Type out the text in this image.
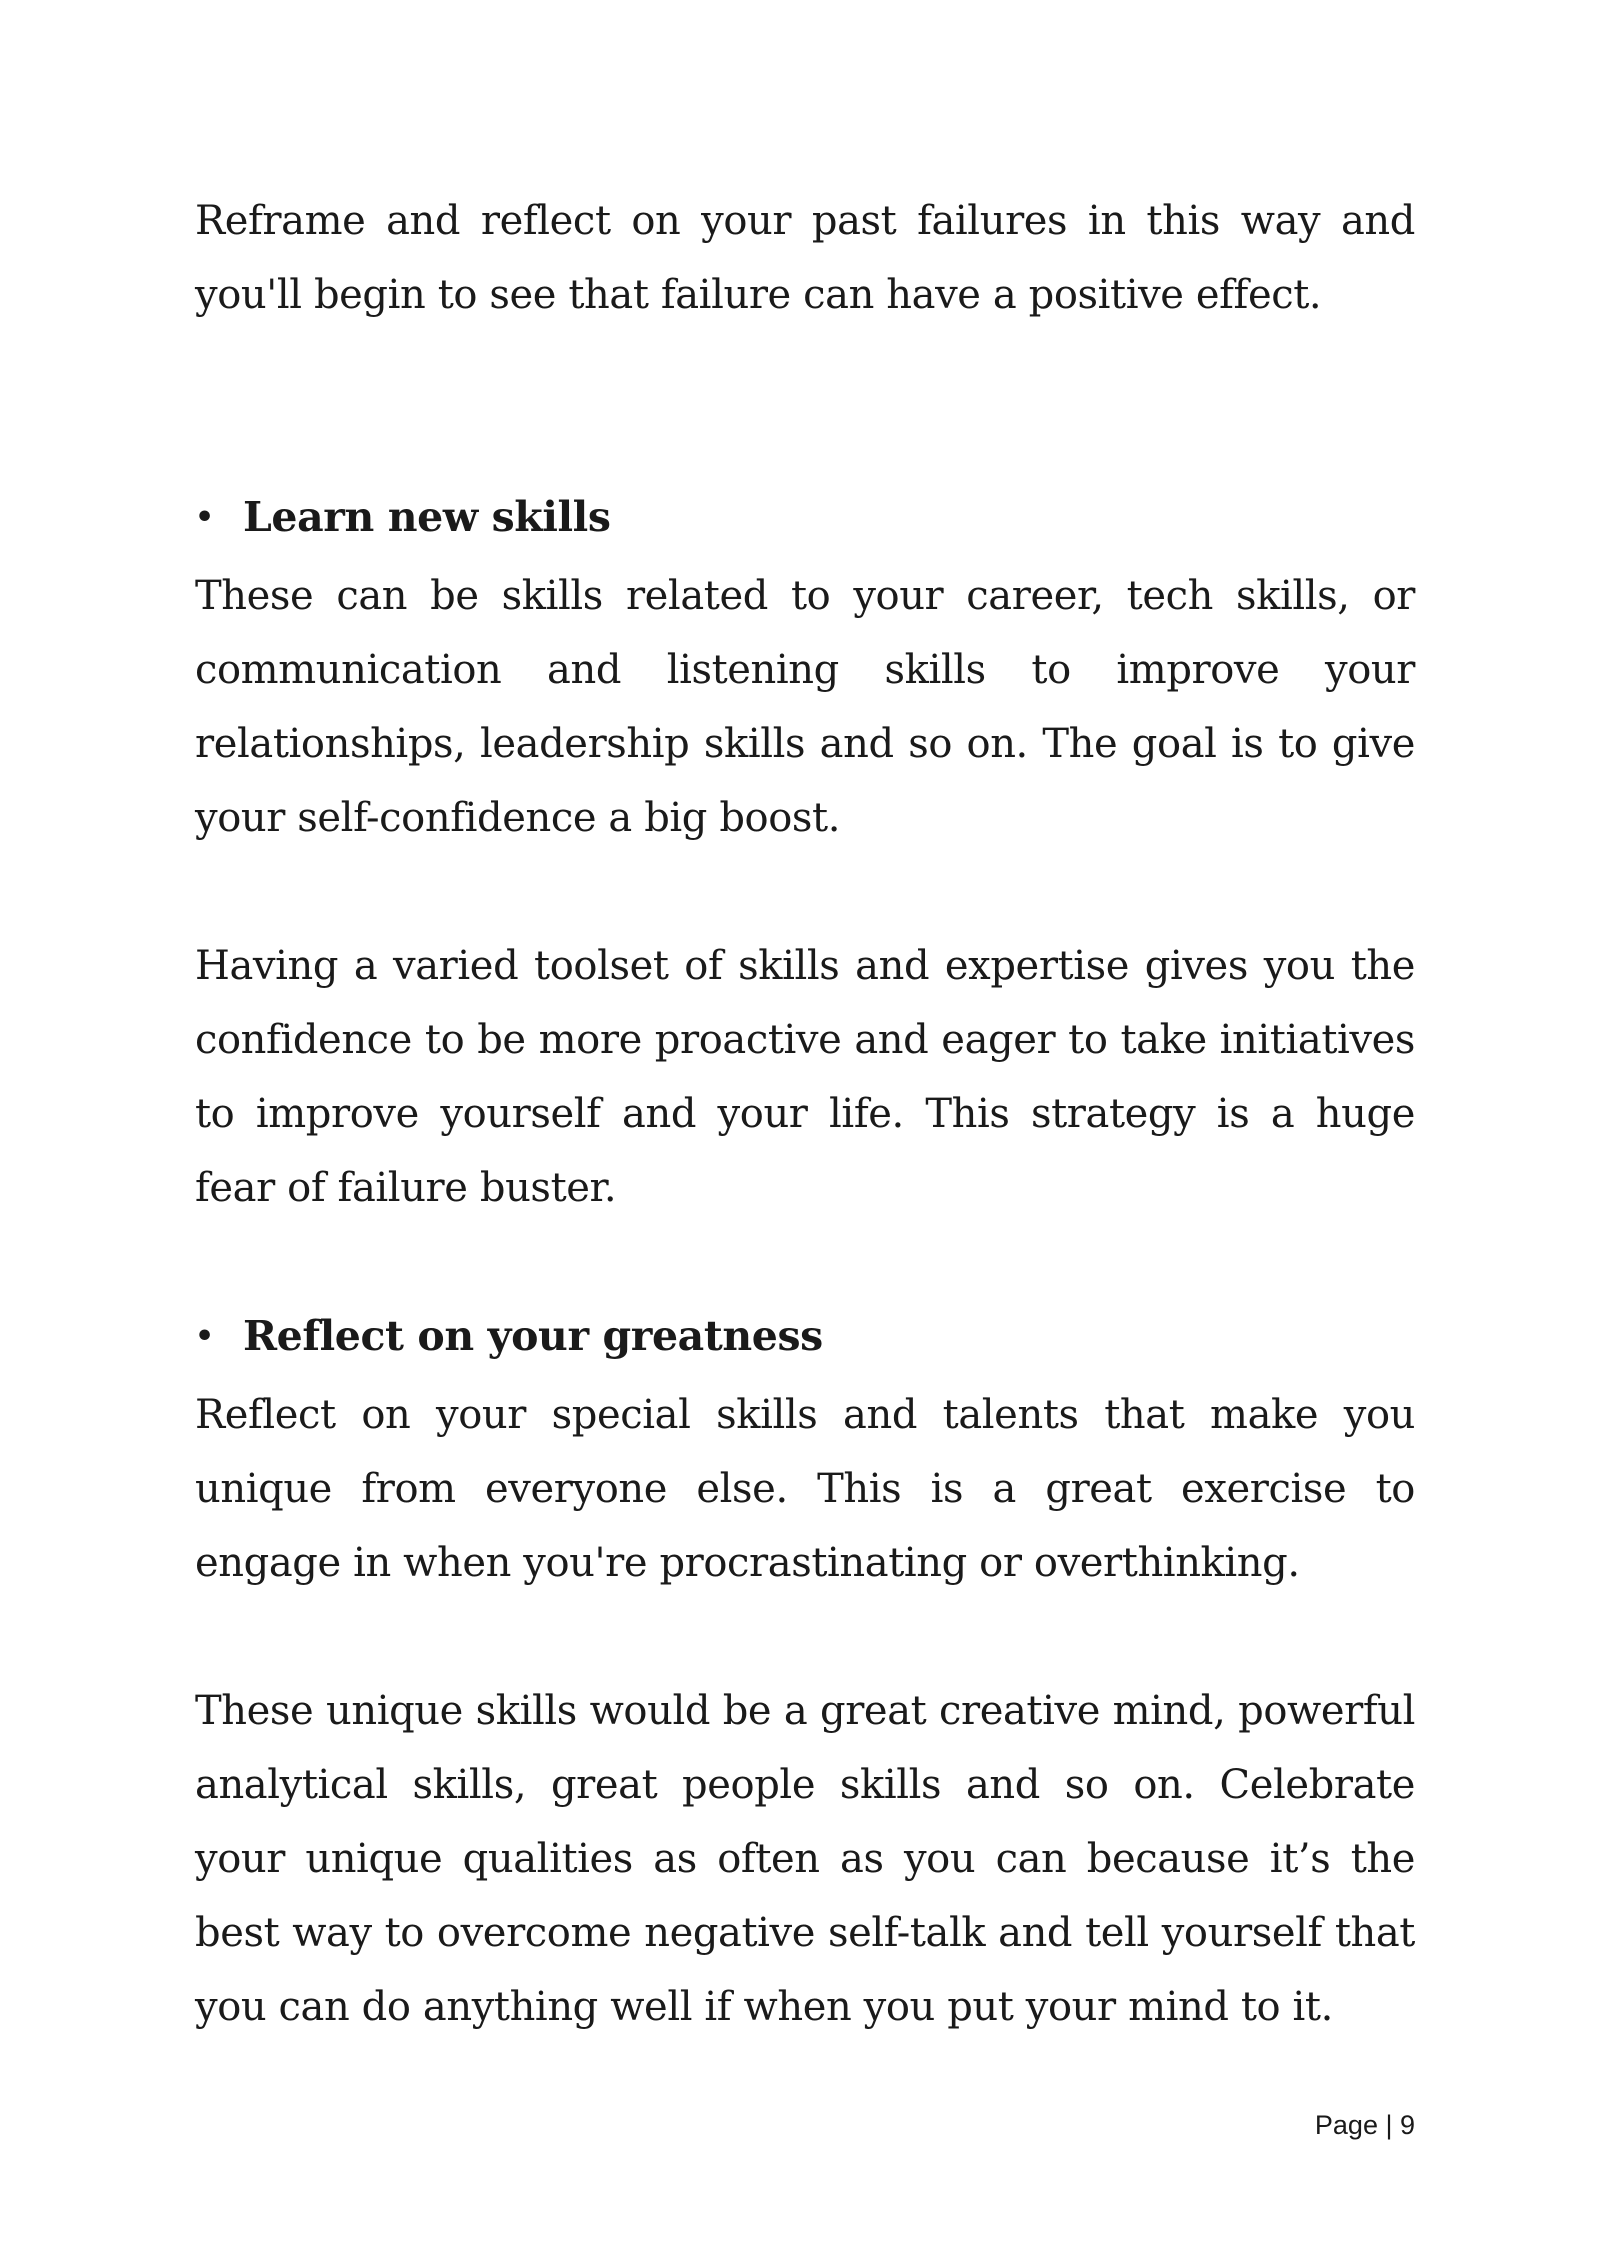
Reframe and reflect on your past failures in this way and you'll begin to see that failure can have a positive effect.

• Learn new skills

These can be skills related to your career, tech skills, or communication and listening skills to improve your relationships, leadership skills and so on. The goal is to give your self-confidence a big boost.

Having a varied toolset of skills and expertise gives you the confidence to be more proactive and eager to take initiatives to improve yourself and your life. This strategy is a huge fear of failure buster.

• Reflect on your greatness

Reflect on your special skills and talents that make you unique from everyone else. This is a great exercise to engage in when you're procrastinating or overthinking.

These unique skills would be a great creative mind, powerful analytical skills, great people skills and so on. Celebrate your unique qualities as often as you can because it’s the best way to overcome negative self-talk and tell yourself that you can do anything well if when you put your mind to it.

Page | 9
